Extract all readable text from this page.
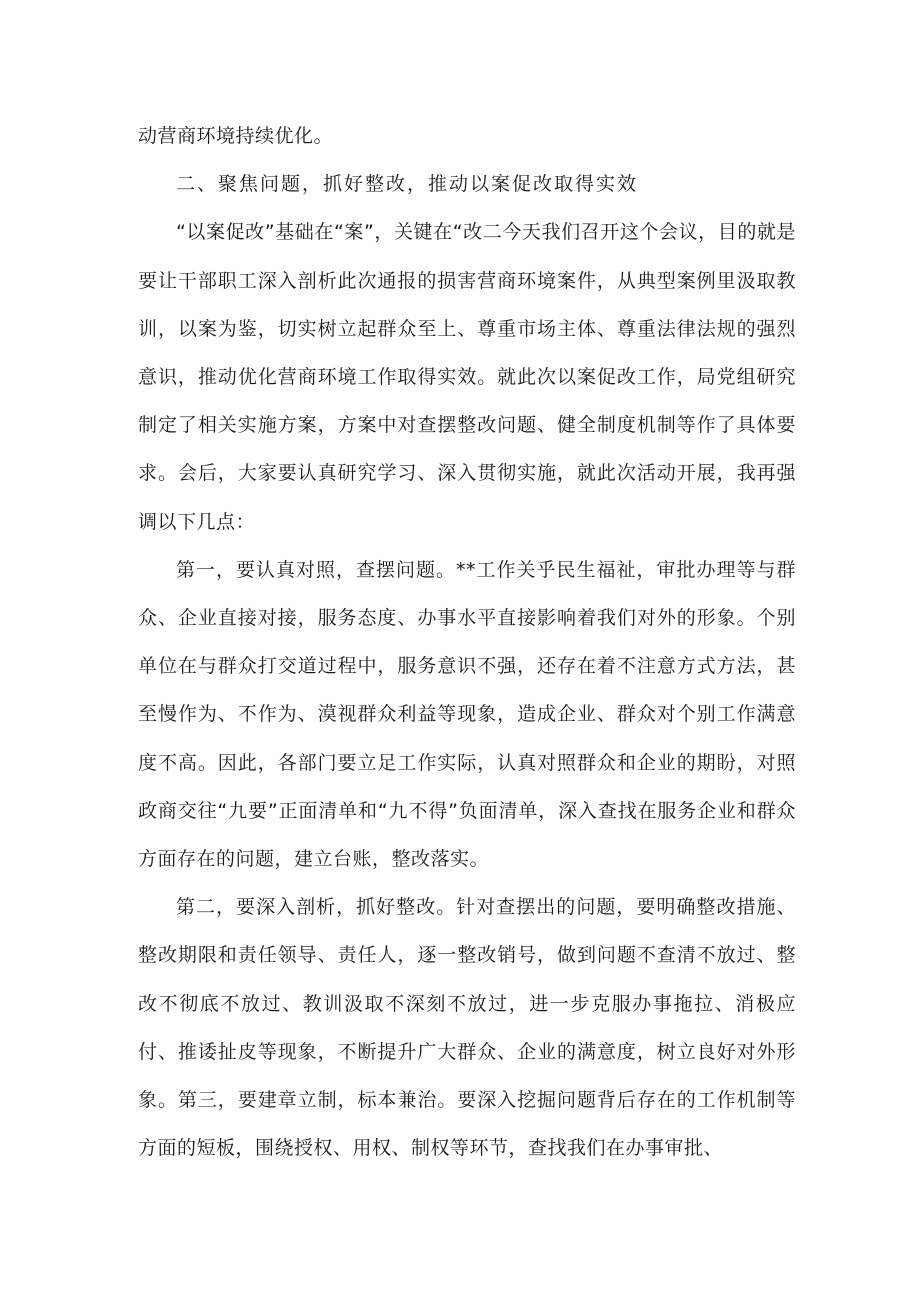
动营商环境持续优化。

二、聚焦问题，抓好整改，推动以案促改取得实效

“以案促改”基础在“案”，关键在“改二今天我们召开这个会议，目的就是要让干部职工深入剖析此次通报的损害营商环境案件，从典型案例里汲取教训，以案为鉴，切实树立起群众至上、尊重市场主体、尊重法律法规的强烈意识，推动优化营商环境工作取得实效。就此次以案促改工作，局党组研究制定了相关实施方案，方案中对查摆整改问题、健全制度机制等作了具体要求。会后，大家要认真研究学习、深入贯彻实施，就此次活动开展，我再强调以下几点：

第一，要认真对照，查摆问题。**工作关乎民生福祉，审批办理等与群众、企业直接对接，服务态度、办事水平直接影响着我们对外的形象。个别单位在与群众打交道过程中，服务意识不强，还存在着不注意方式方法，甚至慢作为、不作为、漠视群众利益等现象，造成企业、群众对个别工作满意度不高。因此，各部门要立足工作实际，认真对照群众和企业的期盼，对照政商交往“九要”正面清单和“九不得”负面清单，深入查找在服务企业和群众方面存在的问题，建立台账，整改落实。

第二，要深入剖析，抓好整改。针对查摆出的问题，要明确整改措施、整改期限和责任领导、责任人，逐一整改销号，做到问题不查清不放过、整改不彻底不放过、教训汲取不深刻不放过，进一步克服办事拖拉、消极应付、推诿扯皮等现象，不断提升广大群众、企业的满意度，树立良好对外形象。第三，要建章立制，标本兼治。要深入挖掘问题背后存在的工作机制等方面的短板，围绕授权、用权、制权等环节，查找我们在办事审批、
